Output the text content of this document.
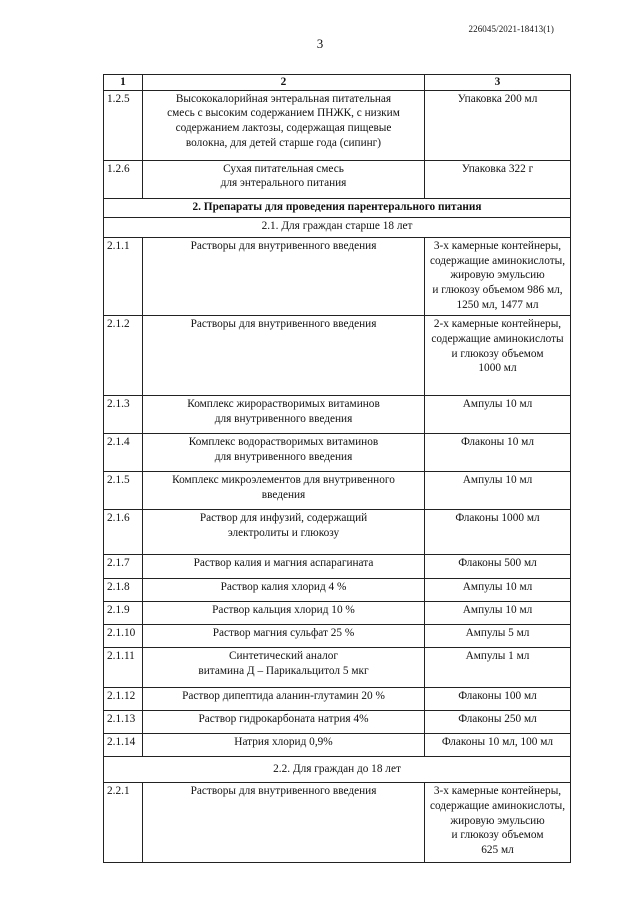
226045/2021-18413(1)
3
1	2	3
1.2.5	Высококалорийная энтеральная питательная
смесь с высоким содержанием ПНЖК, с низким
содержанием лактозы, содержащая пищевые
волокна, для детей старше года (сипинг)	Упаковка 200 мл
1.2.6	Сухая питательная смесь
для энтерального питания	Упаковка 322 г
2. Препараты для проведения парентерального питания		
2.1. Для граждан старше 18 лет		
2.1.1	Растворы для внутривенного введения	3-х камерные контейнеры,
содержащие аминокислоты,
жировую эмульсию
и глюкозу объемом 986 мл,
1250 мл, 1477 мл
2.1.2	Растворы для внутривенного введения	2-х камерные контейнеры,
содержащие аминокислоты
и глюкозу объемом
1000 мл
2.1.3	Комплекс жирорастворимых витаминов
для внутривенного введения	Ампулы 10 мл
2.1.4	Комплекс водорастворимых витаминов
для внутривенного введения	Флаконы 10 мл
2.1.5	Комплекс микроэлементов для внутривенного
введения	Ампулы 10 мл
2.1.6	Раствор для инфузий, содержащий
электролиты и глюкозу	Флаконы 1000 мл
2.1.7	Раствор калия и магния аспарагината	Флаконы 500 мл
2.1.8	Раствор калия хлорид 4 %	Ампулы 10 мл
2.1.9	Раствор кальция хлорид 10 %	Ампулы 10 мл
2.1.10	Раствор магния сульфат 25 %	Ампулы 5 мл
2.1.11	Синтетический аналог
витамина Д – Парикальцитол 5 мкг	Ампулы 1 мл
2.1.12	Раствор дипептида аланин-глутамин 20 %	Флаконы 100 мл
2.1.13	Раствор гидрокарбоната натрия 4%	Флаконы 250 мл
2.1.14	Натрия хлорид 0,9%	Флаконы 10 мл, 100 мл
2.2. Для граждан до 18 лет		
2.2.1	Растворы для внутривенного введения	3-х камерные контейнеры,
содержащие аминокислоты,
жировую эмульсию
и глюкозу объемом
625 мл
